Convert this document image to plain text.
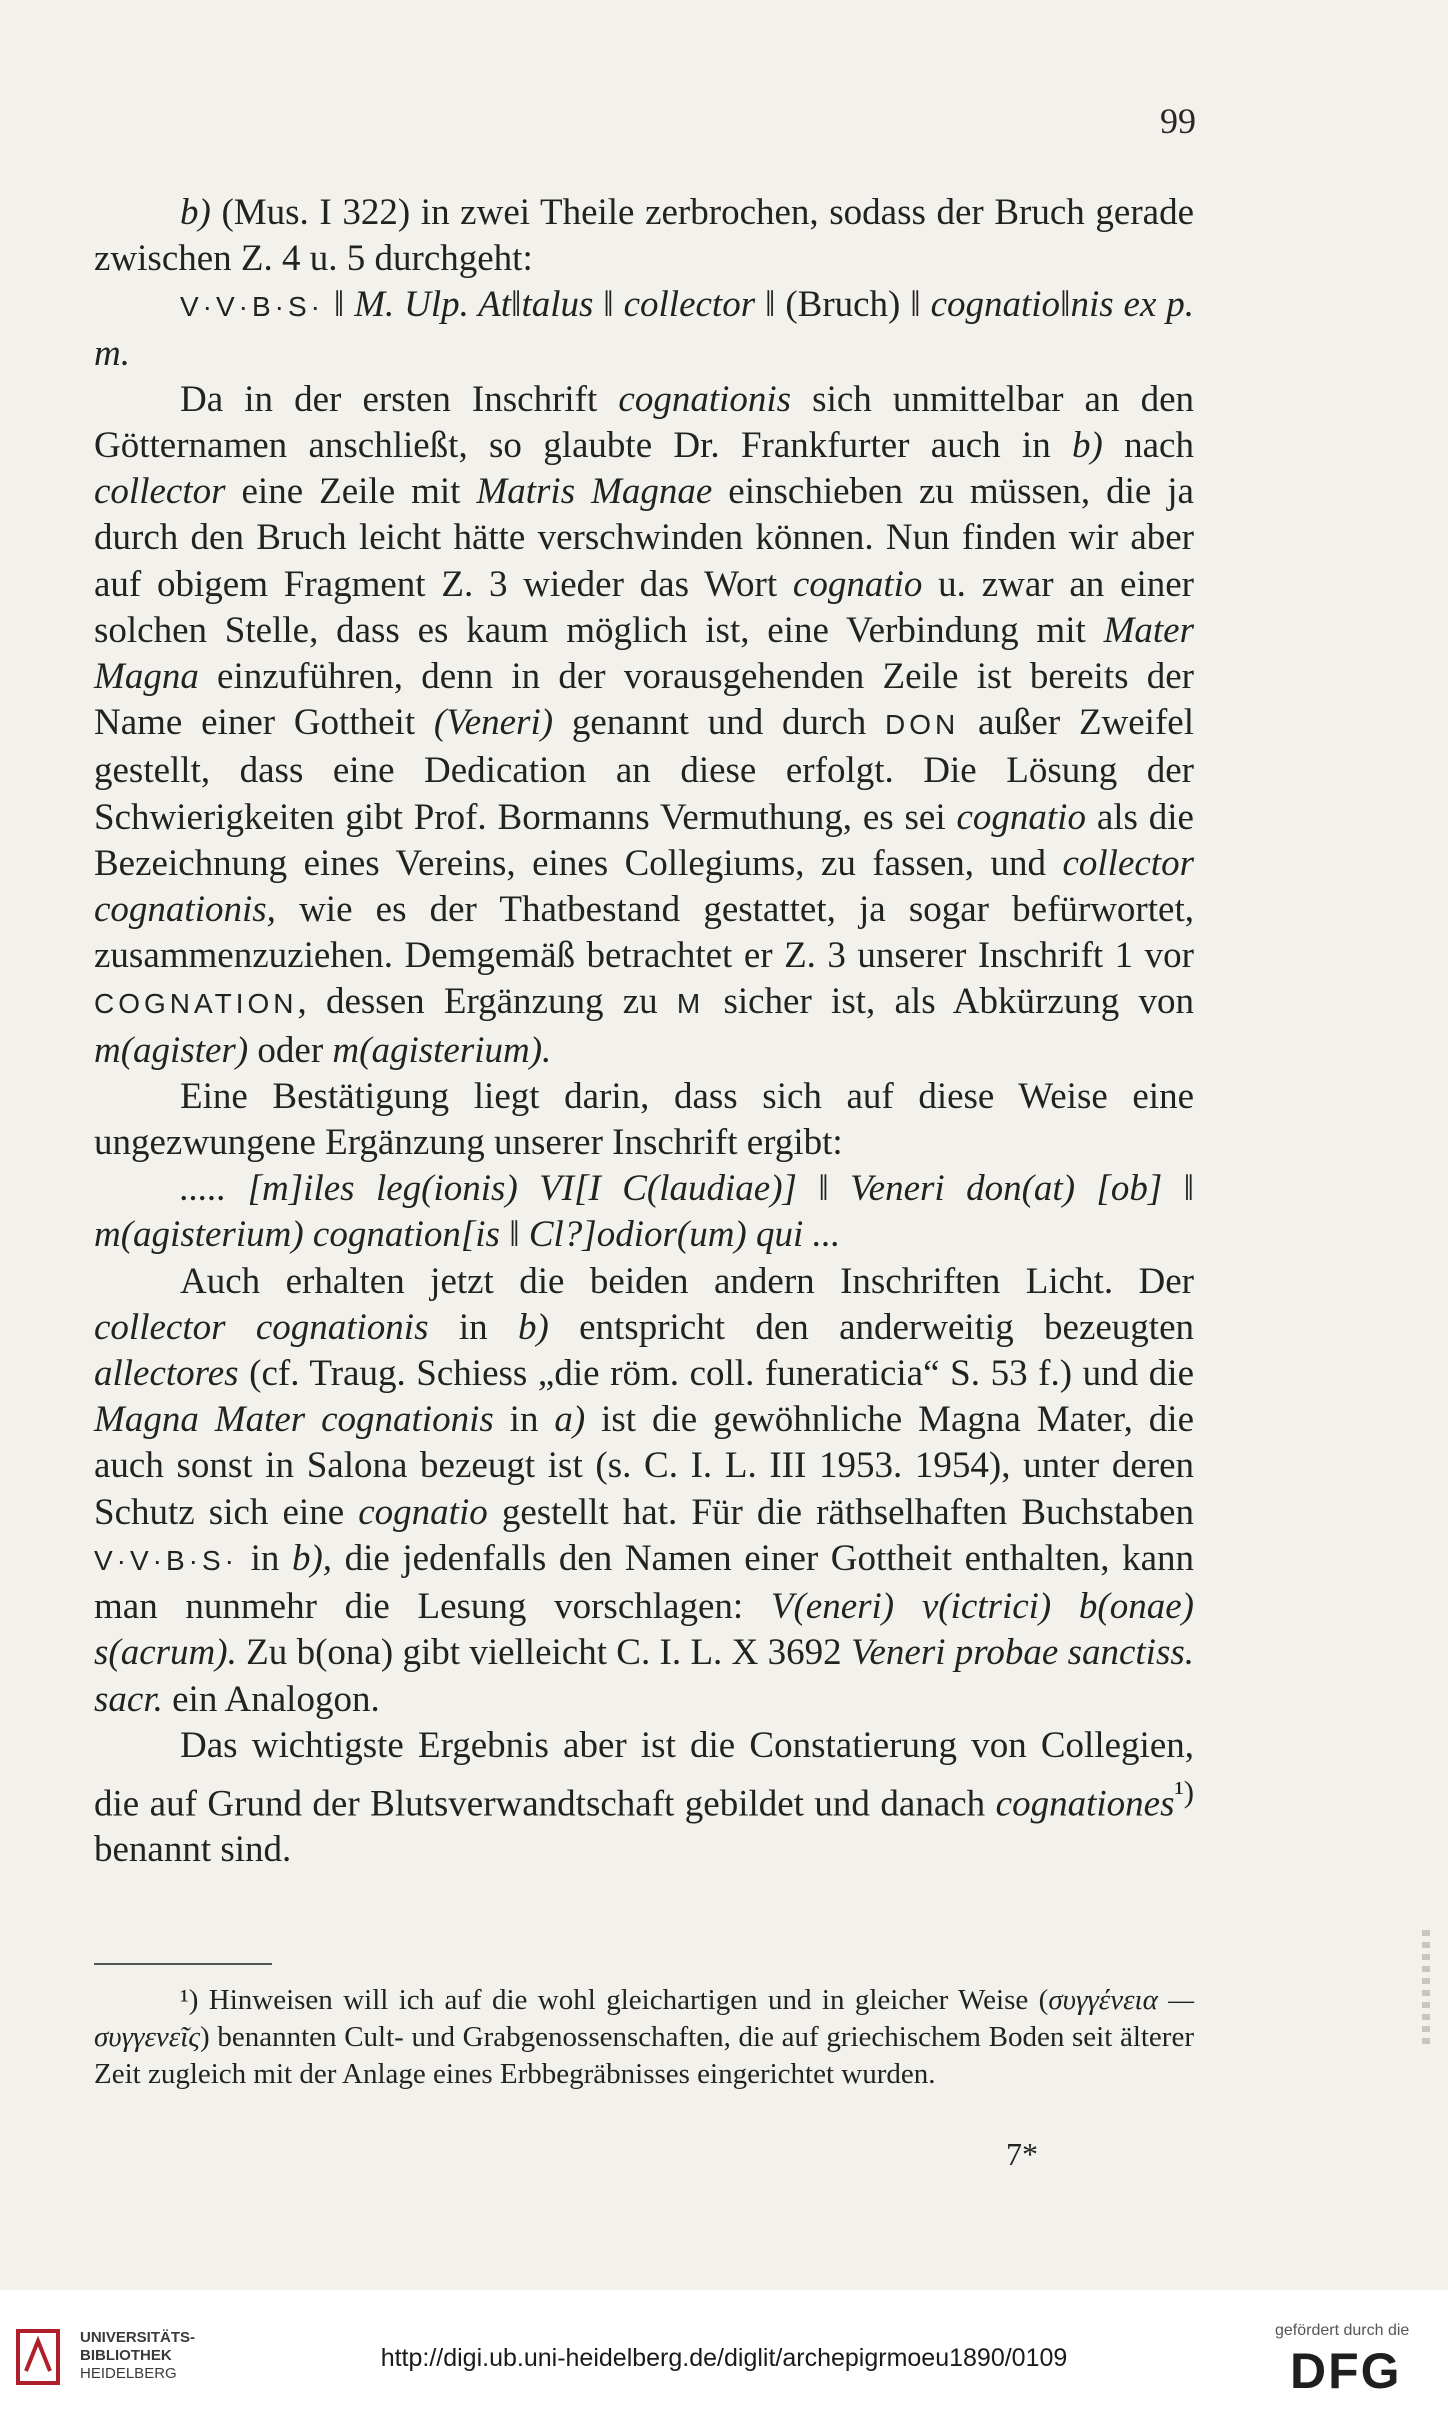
99

b) (Mus. I 322) in zwei Theile zerbrochen, sodass der Bruch gerade zwischen Z. 4 u. 5 durchgeht:

V·V·B·S· ‖ M. Ulp. At‖talus ‖ collector ‖ (Bruch) ‖ cognatio‖nis ex p. m.

Da in der ersten Inschrift cognationis sich unmittelbar an den Götternamen anschließt, so glaubte Dr. Frankfurter auch in b) nach collector eine Zeile mit Matris Magnae einschieben zu müssen, die ja durch den Bruch leicht hätte verschwinden können. Nun finden wir aber auf obigem Fragment Z. 3 wieder das Wort cognatio u. zwar an einer solchen Stelle, dass es kaum möglich ist, eine Verbindung mit Mater Magna einzuführen, denn in der vorausgehenden Zeile ist bereits der Name einer Gottheit (Veneri) genannt und durch DON außer Zweifel gestellt, dass eine Dedication an diese erfolgt. Die Lösung der Schwierigkeiten gibt Prof. Bormanns Vermuthung, es sei cognatio als die Bezeichnung eines Vereins, eines Collegiums, zu fassen, und collector cognationis, wie es der Thatbestand gestattet, ja sogar befürwortet, zusammenzuziehen. Demgemäß betrachtet er Z. 3 unserer Inschrift 1 vor COGNATION, dessen Ergänzung zu M sicher ist, als Abkürzung von m(agister) oder m(agisterium).

Eine Bestätigung liegt darin, dass sich auf diese Weise eine ungezwungene Ergänzung unserer Inschrift ergibt:

..... [m]iles leg(ionis) VI[I C(laudiae)] ‖ Veneri don(at) [ob] ‖ m(agisterium) cognation[is ‖ Cl?]odior(um) qui ...

Auch erhalten jetzt die beiden andern Inschriften Licht. Der collector cognationis in b) entspricht den anderweitig bezeugten allectores (cf. Traug. Schiess „die röm. coll. funeraticia“ S. 53 f.) und die Magna Mater cognationis in a) ist die gewöhnliche Magna Mater, die auch sonst in Salona bezeugt ist (s. C. I. L. III 1953. 1954), unter deren Schutz sich eine cognatio gestellt hat. Für die räthselhaften Buchstaben V·V·B·S· in b), die jedenfalls den Namen einer Gottheit enthalten, kann man nunmehr die Lesung vorschlagen: V(eneri) v(ictrici) b(onae) s(acrum). Zu b(ona) gibt vielleicht C. I. L. X 3692 Veneri probae sanctiss. sacr. ein Analogon.

Das wichtigste Ergebnis aber ist die Constatierung von Collegien, die auf Grund der Blutsverwandtschaft gebildet und danach cognationes$^{^1)}$ benannt sind.

¹) Hinweisen will ich auf die wohl gleichartigen und in gleicher Weise (συγγένεια — συγγενεῖς) benannten Cult- und Grabgenossenschaften, die auf griechischem Boden seit älterer Zeit zugleich mit der Anlage eines Erbbegräbnisses eingerichtet wurden.

7*
UNIVERSITÄTS-
BIBLIOTHEK
HEIDELBERG
http://digi.ub.uni-heidelberg.de/diglit/archepigrmoeu1890/0109
gefördert durch die
DFG
